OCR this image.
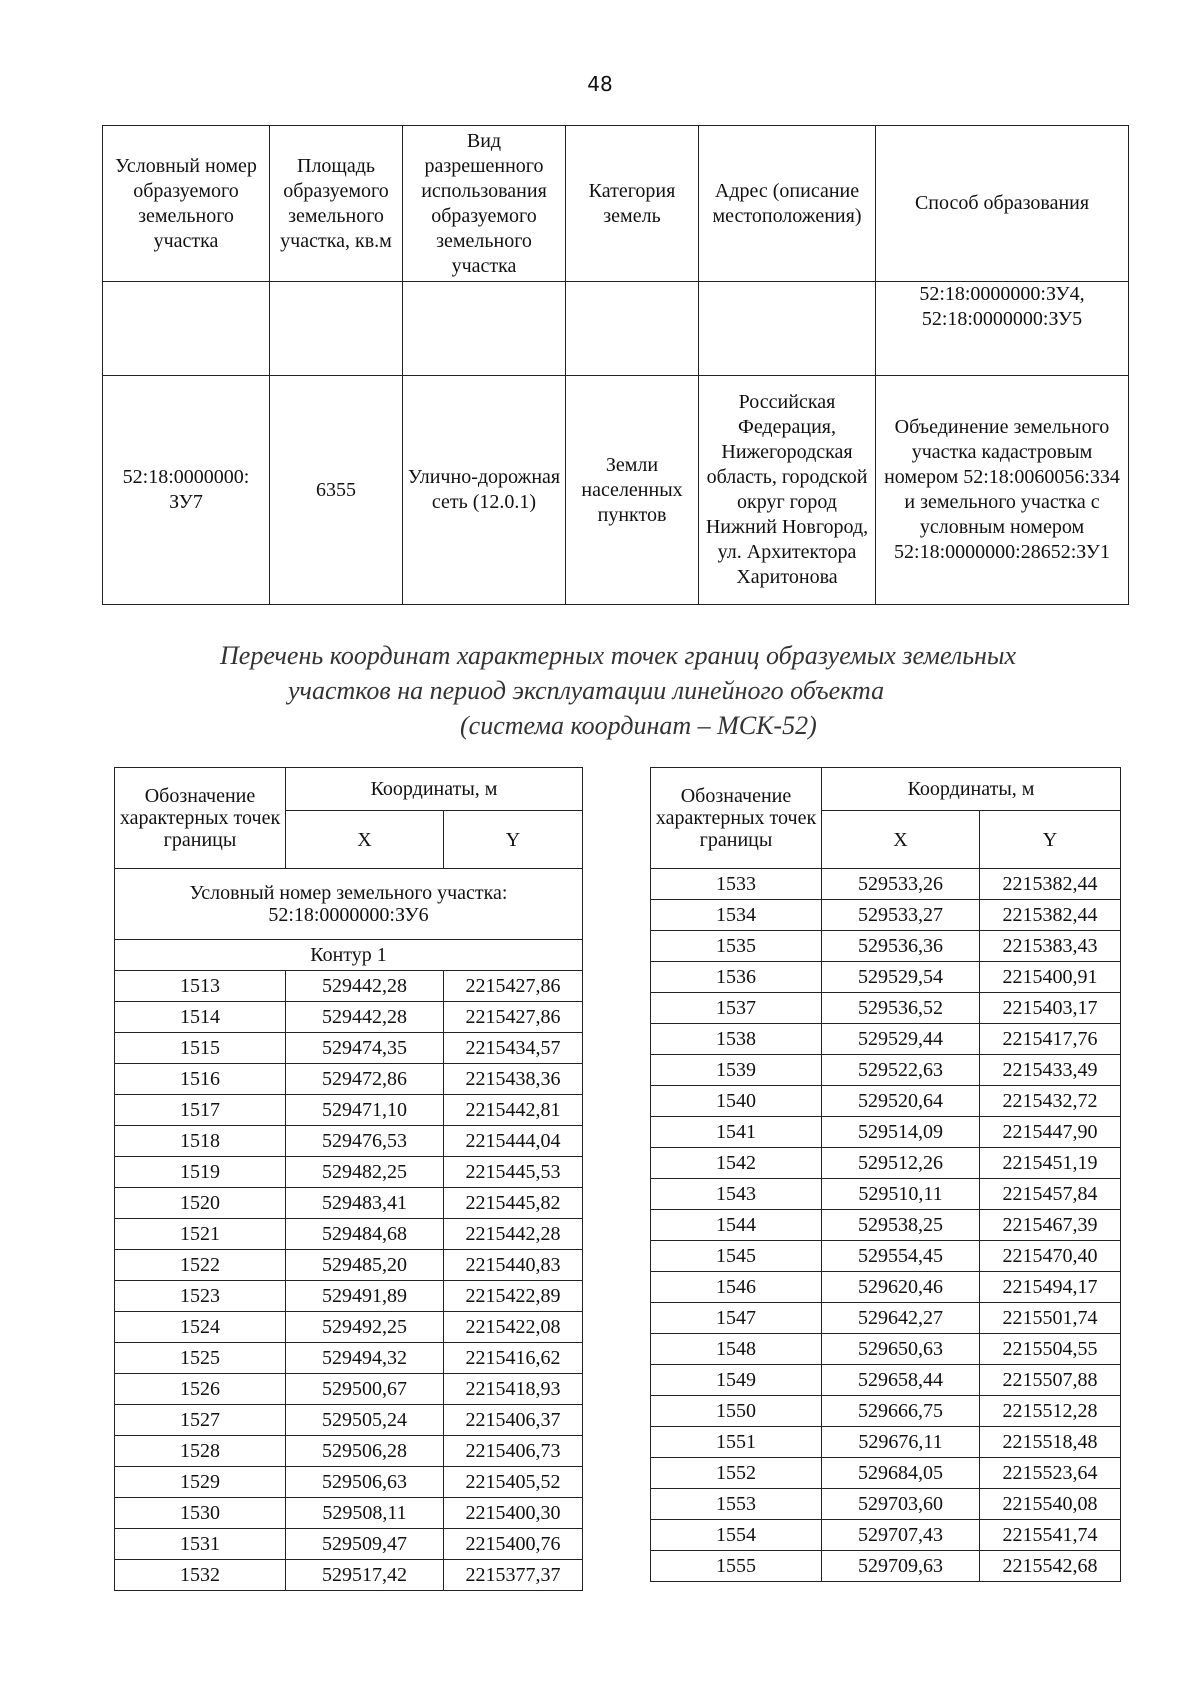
48
Условный номер образуемого земельного участка	Площадь образуемого земельного участка, кв.м	Вид разрешенного использования образуемого земельного участка	Категория земель	Адрес (описание местоположения)	Способ образования
					52:18:0000000:ЗУ4, 52:18:0000000:ЗУ5
52:18:0000000: ЗУ7	6355	Улично-дорожная сеть (12.0.1)	Земли населенных пунктов	Российская Федерация, Нижегородская область, городской округ город Нижний Новгород, ул. Архитектора Харитонова	Объединение земельного участка кадастровым номером 52:18:0060056:334 и земельного участка с условным номером 52:18:0000000:28652:ЗУ1
Перечень координат характерных точек границ образуемых земельных
участков на период эксплуатации линейного объекта
(система координат – МСК-52)
Обозначение характерных точек границы	Координаты, м	
	X	Y
Условный номер земельного участка: 52:18:0000000:ЗУ6		
Контур 1		
1513	529442,28	2215427,86
1514	529442,28	2215427,86
1515	529474,35	2215434,57
1516	529472,86	2215438,36
1517	529471,10	2215442,81
1518	529476,53	2215444,04
1519	529482,25	2215445,53
1520	529483,41	2215445,82
1521	529484,68	2215442,28
1522	529485,20	2215440,83
1523	529491,89	2215422,89
1524	529492,25	2215422,08
1525	529494,32	2215416,62
1526	529500,67	2215418,93
1527	529505,24	2215406,37
1528	529506,28	2215406,73
1529	529506,63	2215405,52
1530	529508,11	2215400,30
1531	529509,47	2215400,76
1532	529517,42	2215377,37
Обозначение характерных точек границы	Координаты, м	
	X	Y
1533	529533,26	2215382,44
1534	529533,27	2215382,44
1535	529536,36	2215383,43
1536	529529,54	2215400,91
1537	529536,52	2215403,17
1538	529529,44	2215417,76
1539	529522,63	2215433,49
1540	529520,64	2215432,72
1541	529514,09	2215447,90
1542	529512,26	2215451,19
1543	529510,11	2215457,84
1544	529538,25	2215467,39
1545	529554,45	2215470,40
1546	529620,46	2215494,17
1547	529642,27	2215501,74
1548	529650,63	2215504,55
1549	529658,44	2215507,88
1550	529666,75	2215512,28
1551	529676,11	2215518,48
1552	529684,05	2215523,64
1553	529703,60	2215540,08
1554	529707,43	2215541,74
1555	529709,63	2215542,68
